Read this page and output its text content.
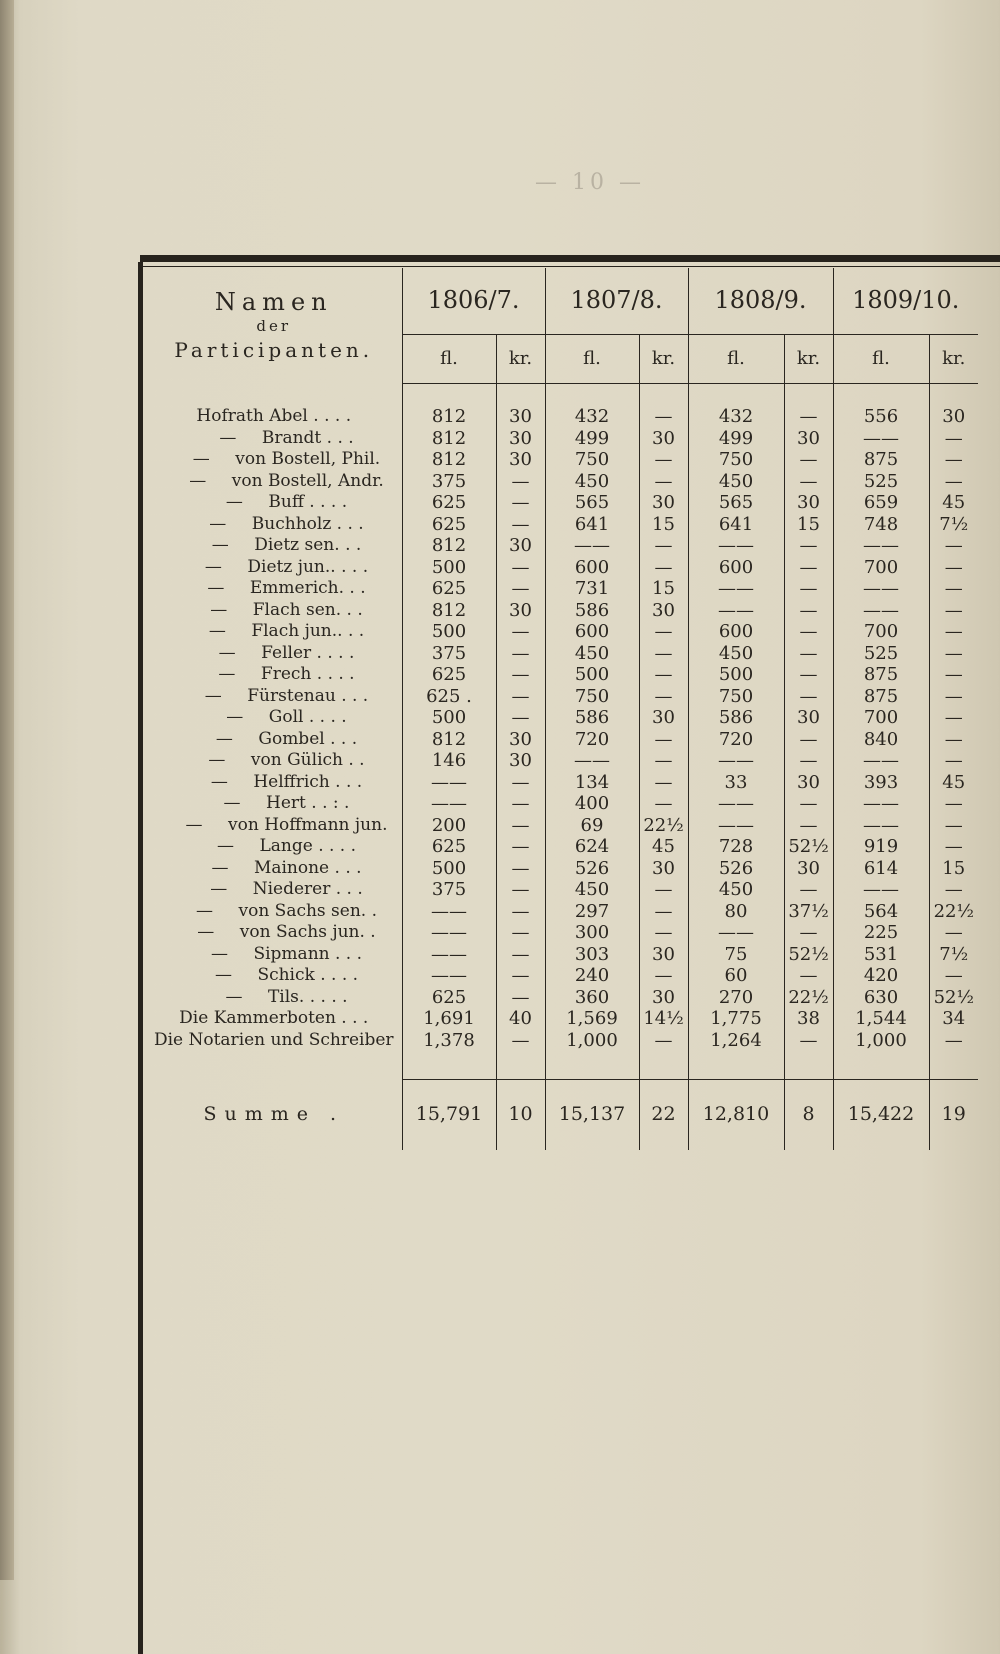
— 10 —
Namen
der
Participanten.	1806/7.		1807/8.		1808/9.		1809/10.	
	fl.	kr.	fl.	kr.	fl.	kr.	fl.	kr.

Hofrath Abel . . . .	812	30	432	—	432	—	556	30
— Brandt . . .	812	30	499	30	499	30	——	—
— von Bostell, Phil.	812	30	750	—	750	—	875	—
— von Bostell, Andr.	375	—	450	—	450	—	525	—
— Buff . . . .	625	—	565	30	565	30	659	45
— Buchholz . . .	625	—	641	15	641	15	748	7½
— Dietz sen. . .	812	30	——	—	——	—	——	—
— Dietz jun.. . . .	500	—	600	—	600	—	700	—
— Emmerich. . .	625	—	731	15	——	—	——	—
— Flach sen. . .	812	30	586	30	——	—	——	—
— Flach jun.. . .	500	—	600	—	600	—	700	—
— Feller . . . .	375	—	450	—	450	—	525	—
— Frech . . . .	625	—	500	—	500	—	875	—
— Fürstenau . . .	625 .	—	750	—	750	—	875	—
— Goll . . . .	500	—	586	30	586	30	700	—
— Gombel . . .	812	30	720	—	720	—	840	—
— von Gülich . .	146	30	——	—	——	—	——	—
— Helffrich . . .	——	—	134	—	33	30	393	45
— Hert . . : .	——	—	400	—	——	—	——	—
— von Hoffmann jun.	200	—	69	22½	——	—	——	—
— Lange . . . .	625	—	624	45	728	52½	919	—
— Mainone . . .	500	—	526	30	526	30	614	15
— Niederer . . .	375	—	450	—	450	—	——	—
— von Sachs sen. .	——	—	297	—	80	37½	564	22½
— von Sachs jun. .	——	—	300	—	——	—	225	—
— Sipmann . . .	——	—	303	30	75	52½	531	7½
— Schick . . . .	——	—	240	—	60	—	420	—
— Tils. . . . .	625	—	360	30	270	22½	630	52½
Die Kammerboten . . .	1,691	40	1,569	14½	1,775	38	1,544	34
Die Notarien und Schreiber	1,378	—	1,000	—	1,264	—	1,000	—

Summe .	15,791	10	15,137	22	12,810	8	15,422	19
